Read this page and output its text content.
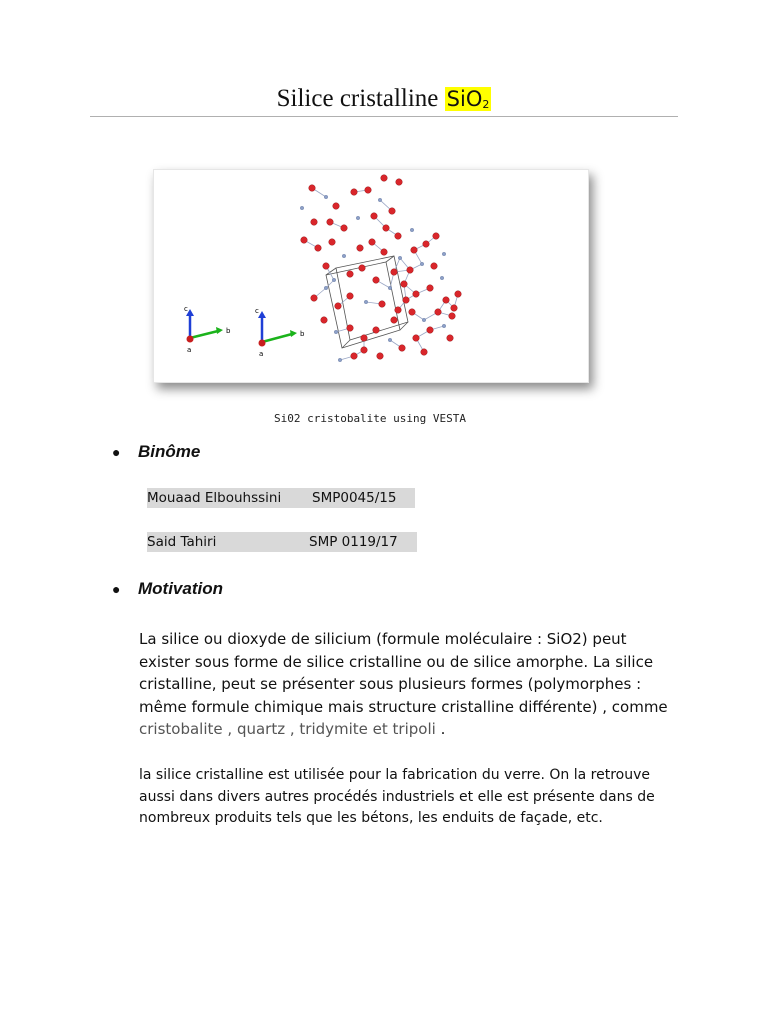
Silice cristalline SiO$_2$
c
b
a
c
b
a
Si02 cristobalite using VESTA
● Binôme
Mouaad Elbouhssini SMP0045/15
Said Tahiri	SMP 0119/17
● Motivation
La silice ou dioxyde de silicium (formule moléculaire : SiO2) peut exister sous forme de silice cristalline ou de silice amorphe. La silice cristalline, peut se présenter sous plusieurs formes (polymorphes : même formule chimique mais structure cristalline différente) , comme cristobalite , quartz , tridymite et tripoli .
la silice cristalline est utilisée pour la fabrication du verre. On la retrouve aussi dans divers autres procédés industriels et elle est présente dans de nombreux produits tels que les bétons, les enduits de façade, etc.
